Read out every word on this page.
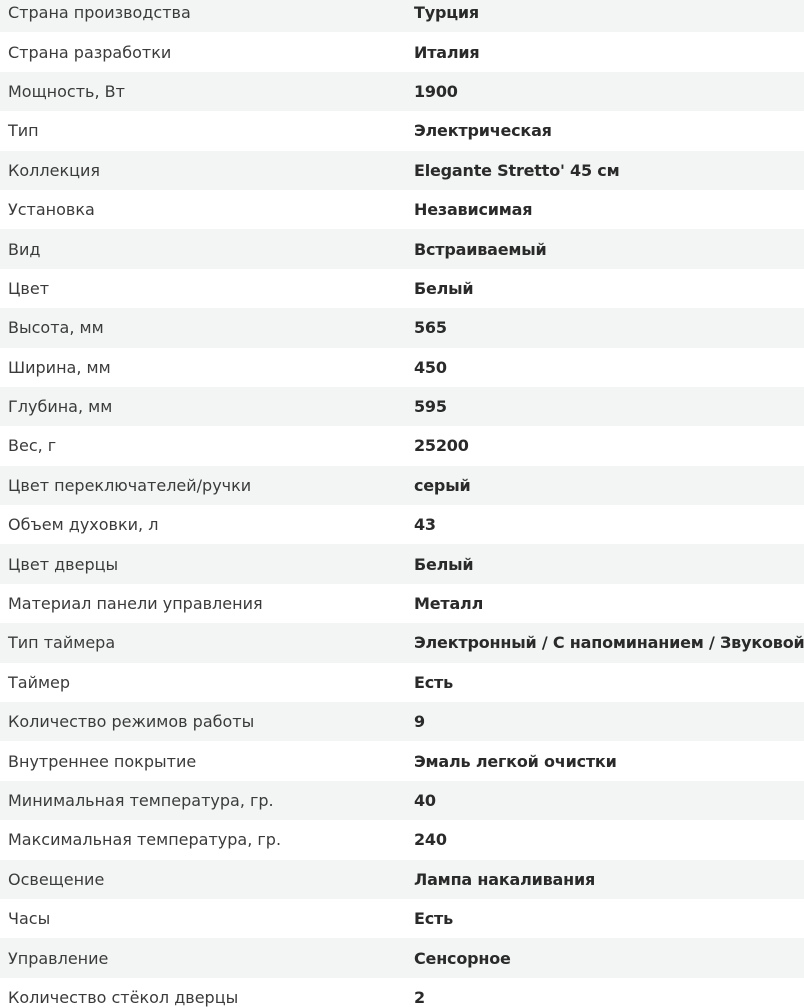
Страна производства	Турция
Страна разработки	Италия
Мощность, Вт	1900
Тип	Электрическая
Коллекция	Elegante Stretto' 45 см
Установка	Независимая
Вид	Встраиваемый
Цвет	Белый
Высота, мм	565
Ширина, мм	450
Глубина, мм	595
Вес, г	25200
Цвет переключателей/ручки	серый
Объем духовки, л	43
Цвет дверцы	Белый
Материал панели управления	Металл
Тип таймера	Электронный / С напоминанием / Звуковой
Таймер	Есть
Количество режимов работы	9
Внутреннее покрытие	Эмаль легкой очистки
Минимальная температура, гр.	40
Максимальная температура, гр.	240
Освещение	Лампа накаливания
Часы	Есть
Управление	Сенсорное
Количество стёкол дверцы	2
